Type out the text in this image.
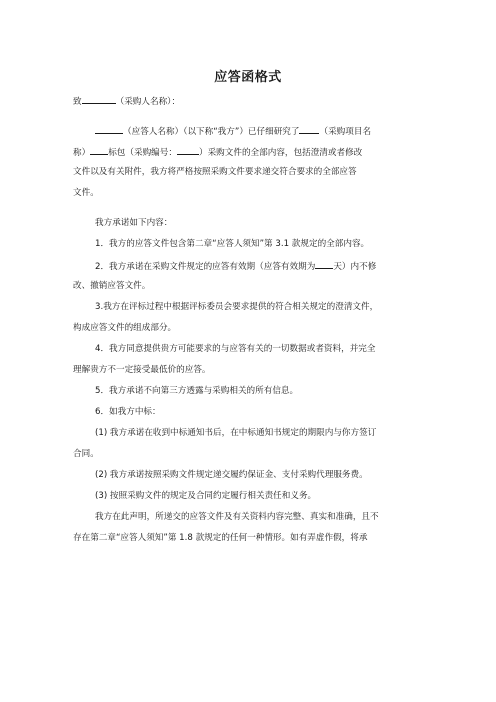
应答函格式
致	（采购人名称）：
（应答人名称）（以下称“我方”）已仔细研究了 （采购项目名
称） 标包（采购编号：	）采购文件的全部内容，包括澄清或者修改
文件以及有关附件，我方将严格按照采购文件要求递交符合要求的全部应答
文件。
我方承诺如下内容：
1．我方的应答文件包含第二章“应答人须知”第 3.1 款规定的全部内容。
2．我方承诺在采购文件规定的应答有效期（应答有效期为 天）内不修
改、撤销应答文件。
3.我方在评标过程中根据评标委员会要求提供的符合相关规定的澄清文件，
构成应答文件的组成部分。
4．我方同意提供贵方可能要求的与应答有关的一切数据或者资料，并完全
理解贵方不一定接受最低价的应答。
5．我方承诺不向第三方透露与采购相关的所有信息。
6．如我方中标：
(1) 我方承诺在收到中标通知书后，在中标通知书规定的期限内与你方签订
合同。
(2) 我方承诺按照采购文件规定递交履约保证金、支付采购代理服务费。
(3) 按照采购文件的规定及合同约定履行相关责任和义务。
我方在此声明，所递交的应答文件及有关资料内容完整、真实和准确，且不
存在第二章“应答人须知”第 1.8 款规定的任何一种情形。如有弄虚作假，将承
